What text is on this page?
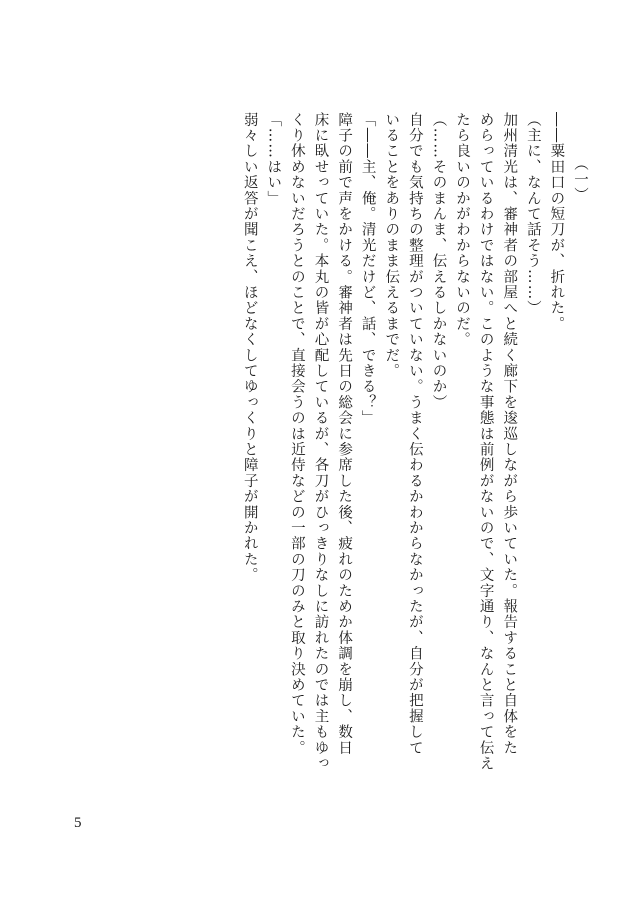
（一）
――粟田口の短刀が、折れた。
（主に、なんて話そう……）
加州清光は、審神者の部屋へと続く廊下を逡巡しながら歩いていた。報告すること自体をた
めらっているわけではない。このような事態は前例がないので、文字通り、なんと言って伝え
たら良いのかがわからないのだ。
（……そのまんま、伝えるしかないのか）
自分でも気持ちの整理がついていない。うまく伝わるかわからなかったが、自分が把握して
いることをありのまま伝えるまでだ。
「――主、俺。清光だけど、話、できる？」
障子の前で声をかける。審神者は先日の総会に参席した後、疲れのためか体調を崩し、数日
床に臥せっていた。本丸の皆が心配しているが、各刀がひっきりなしに訪れたのでは主もゆっ
くり休めないだろうとのことで、直接会うのは近侍などの一部の刀のみと取り決めていた。
「……はい」
弱々しい返答が聞こえ、ほどなくしてゆっくりと障子が開かれた。
5
